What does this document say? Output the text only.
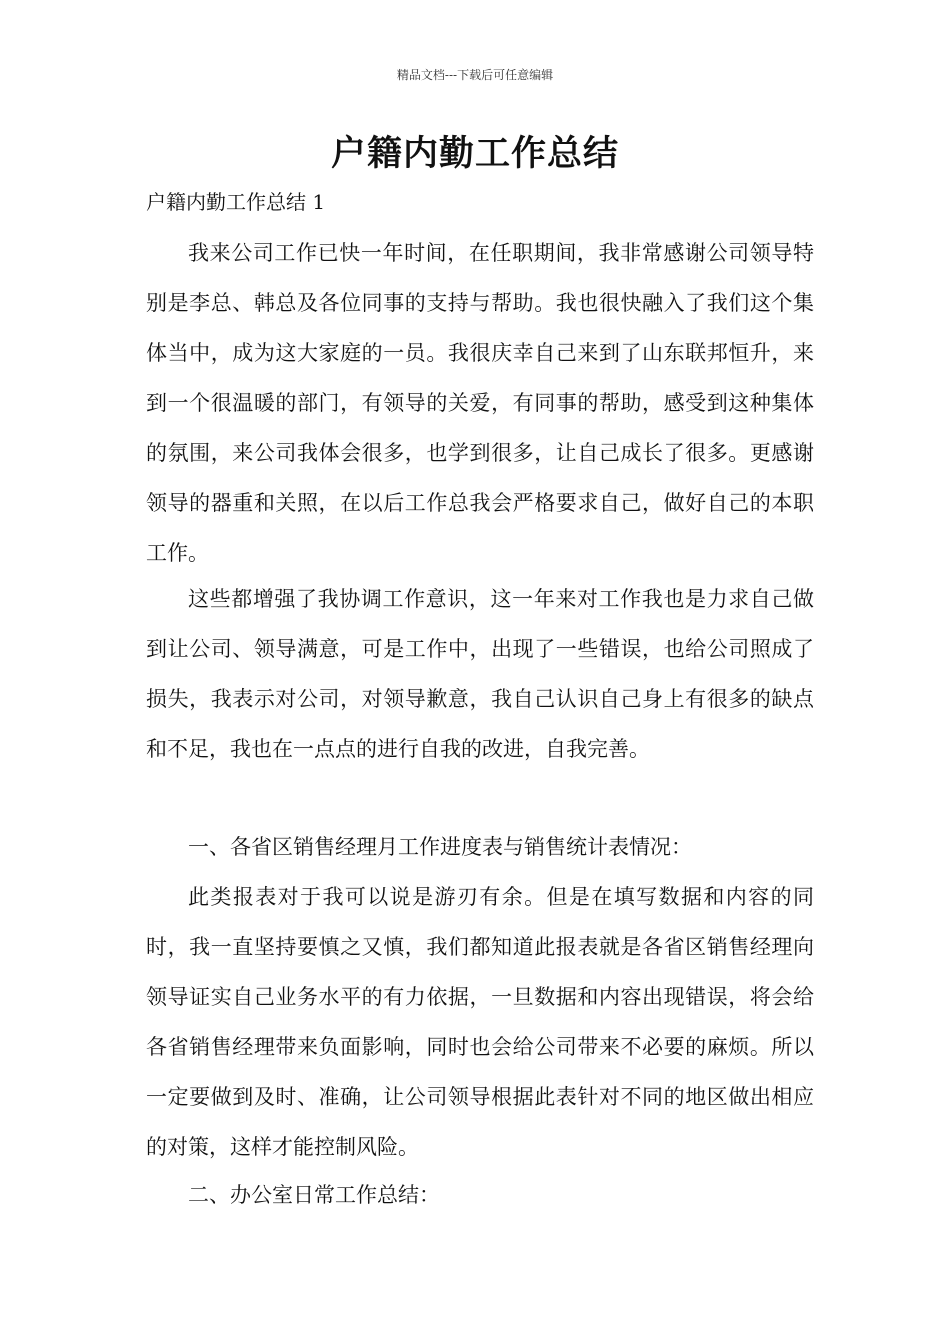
精品文档---下载后可任意编辑
户籍内勤工作总结
户籍内勤工作总结 1

我来公司工作已快一年时间，在任职期间，我非常感谢公司领导特别是李总、韩总及各位同事的支持与帮助。我也很快融入了我们这个集体当中，成为这大家庭的一员。我很庆幸自己来到了山东联邦恒升，来到一个很温暖的部门，有领导的关爱，有同事的帮助，感受到这种集体的氛围，来公司我体会很多，也学到很多，让自己成长了很多。更感谢领导的器重和关照，在以后工作总我会严格要求自己，做好自己的本职工作。

这些都增强了我协调工作意识，这一年来对工作我也是力求自己做到让公司、领导满意，可是工作中，出现了一些错误，也给公司照成了损失，我表示对公司，对领导歉意，我自己认识自己身上有很多的缺点和不足，我也在一点点的进行自我的改进，自我完善。

一、各省区销售经理月工作进度表与销售统计表情况：

此类报表对于我可以说是游刃有余。但是在填写数据和内容的同时，我一直坚持要慎之又慎，我们都知道此报表就是各省区销售经理向领导证实自己业务水平的有力依据，一旦数据和内容出现错误，将会给各省销售经理带来负面影响，同时也会给公司带来不必要的麻烦。所以一定要做到及时、准确，让公司领导根据此表针对不同的地区做出相应的对策，这样才能控制风险。

二、办公室日常工作总结：
